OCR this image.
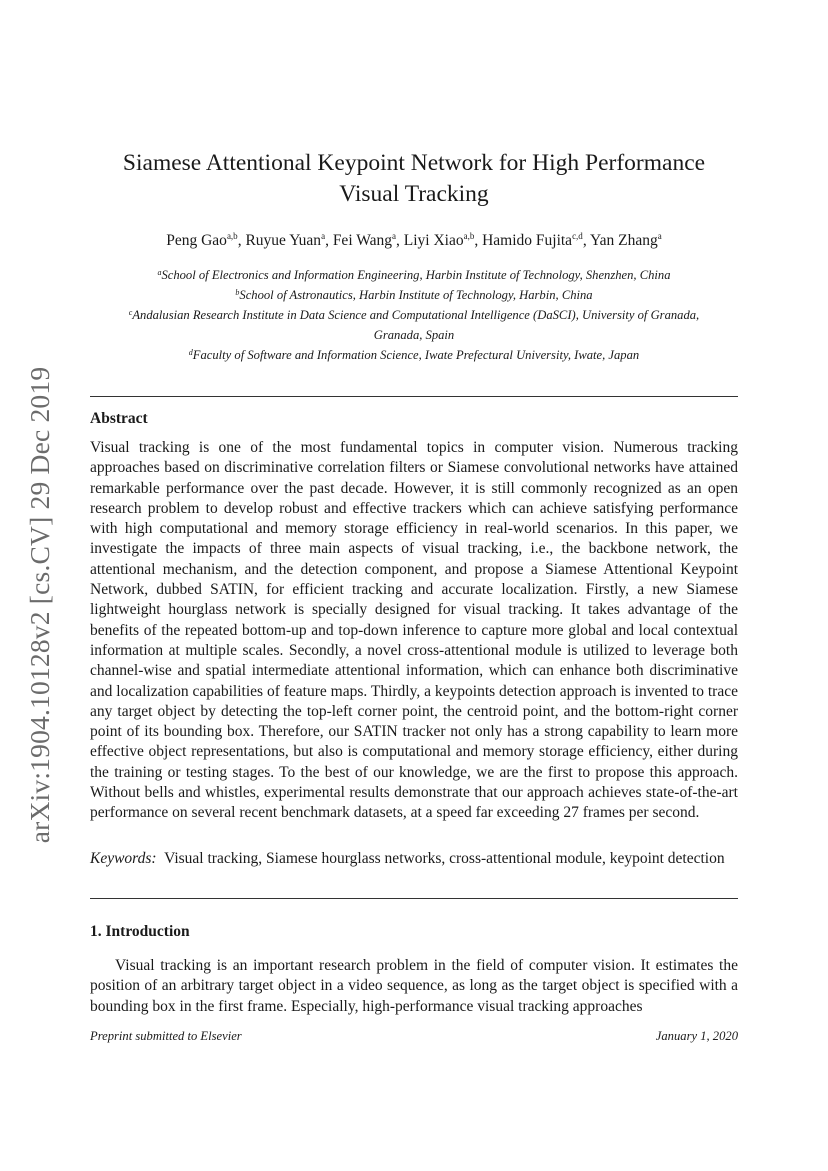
arXiv:1904.10128v2 [cs.CV] 29 Dec 2019
Siamese Attentional Keypoint Network for High Performance
Visual Tracking
Peng Gao$^{a,b}$, Ruyue Yuan$^a$, Fei Wang$^a$, Liyi Xiao$^{a,b}$, Hamido Fujita$^{c,d}$, Yan Zhang$^a$
$^a$School of Electronics and Information Engineering, Harbin Institute of Technology, Shenzhen, China
$^b$School of Astronautics, Harbin Institute of Technology, Harbin, China
$^c$Andalusian Research Institute in Data Science and Computational Intelligence (DaSCI), University of Granada,
Granada, Spain
$^d$Faculty of Software and Information Science, Iwate Prefectural University, Iwate, Japan
Abstract
Visual tracking is one of the most fundamental topics in computer vision. Numerous tracking approaches based on discriminative correlation filters or Siamese convolutional networks have attained remarkable performance over the past decade. However, it is still commonly recognized as an open research problem to develop robust and effective trackers which can achieve satisfying performance with high computational and memory storage efficiency in real-world scenarios. In this paper, we investigate the impacts of three main aspects of visual tracking, i.e., the backbone network, the attentional mechanism, and the detection component, and propose a Siamese Attentional Keypoint Network, dubbed SATIN, for efficient tracking and accurate localization. Firstly, a new Siamese lightweight hourglass network is specially designed for visual tracking. It takes advantage of the benefits of the repeated bottom-up and top-down inference to capture more global and local contextual information at multiple scales. Secondly, a novel cross-attentional module is utilized to leverage both channel-wise and spatial intermediate attentional information, which can enhance both discriminative and localization capabilities of feature maps. Thirdly, a keypoints detection approach is invented to trace any target object by detecting the top-left corner point, the centroid point, and the bottom-right corner point of its bounding box. Therefore, our SATIN tracker not only has a strong capability to learn more effective object representations, but also is computational and memory storage efficiency, either during the training or testing stages. To the best of our knowledge, we are the first to propose this approach. Without bells and whistles, experimental results demonstrate that our approach achieves state-of-the-art performance on several recent benchmark datasets, at a speed far exceeding 27 frames per second.
Keywords: Visual tracking, Siamese hourglass networks, cross-attentional module, keypoint detection
1. Introduction
Visual tracking is an important research problem in the field of computer vision. It estimates the position of an arbitrary target object in a video sequence, as long as the target object is specified with a bounding box in the first frame. Especially, high-performance visual tracking approaches
Preprint submitted to Elsevier	January 1, 2020
